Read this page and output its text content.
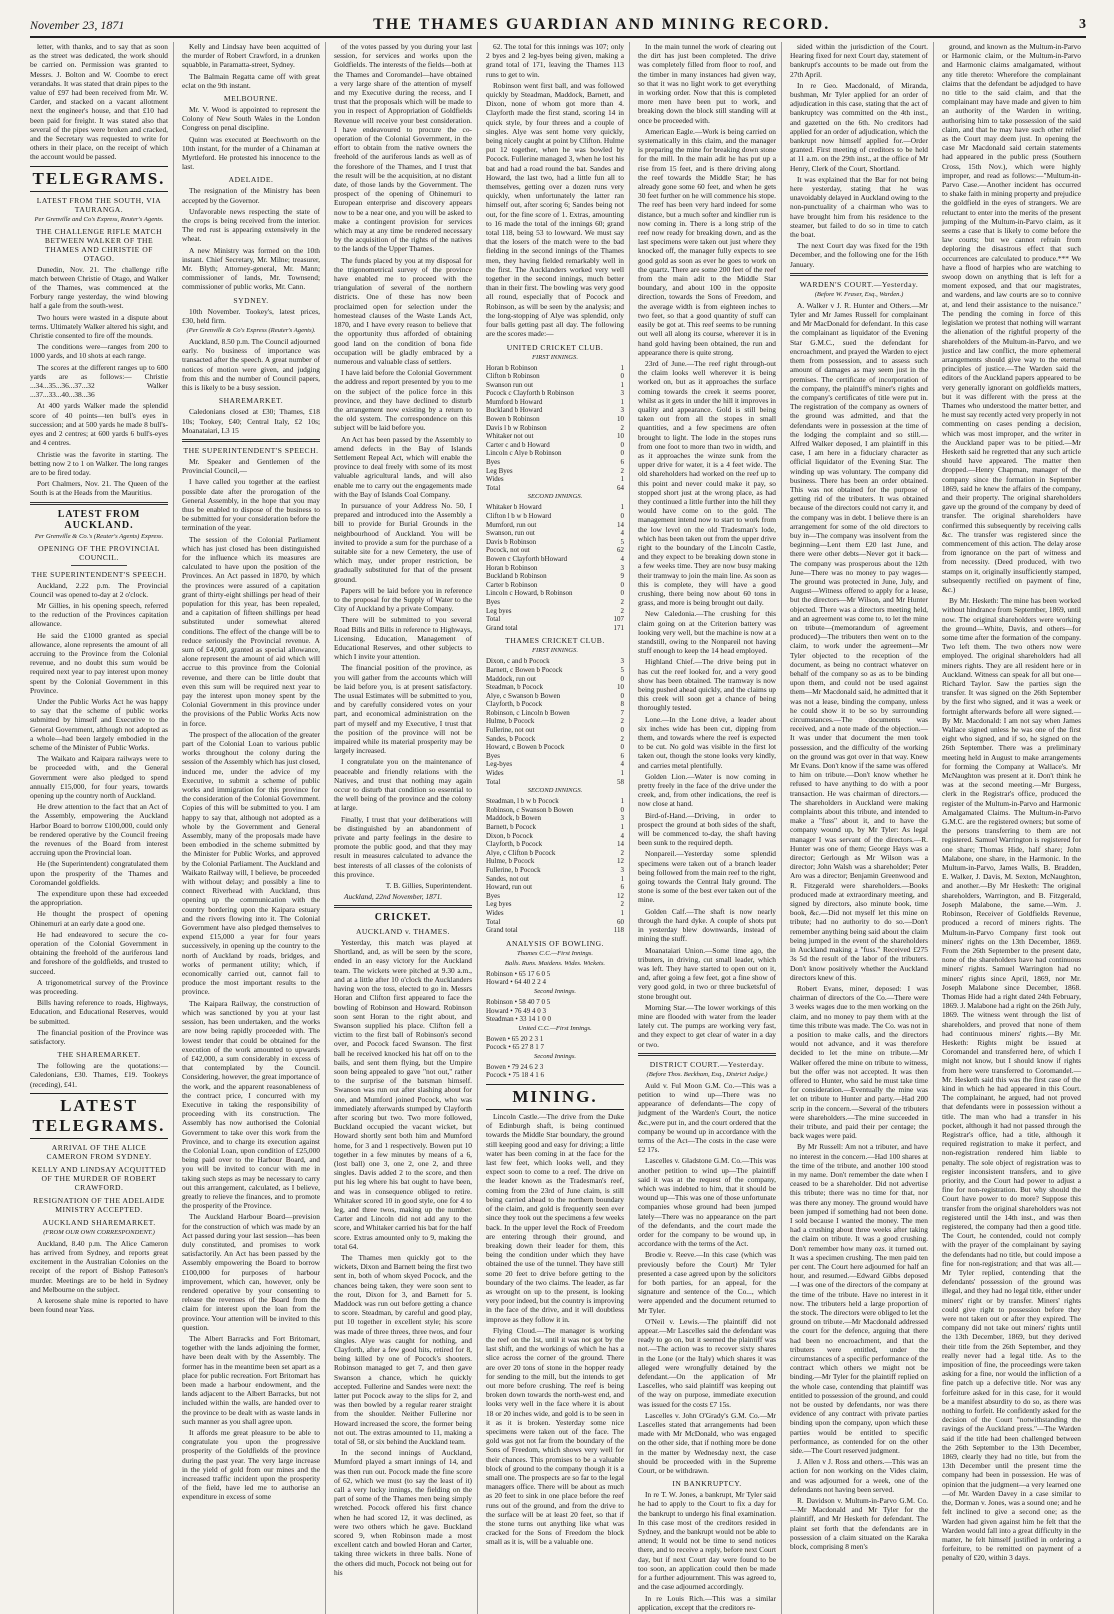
November 23, 1871	THE THAMES GUARDIAN AND MINING RECORD.	3

letter, with thanks, and to say that as soon as the street was dedicated, the work should be carried on. Permission was granted to Messrs. J. Bolton and W. Coombe to erect verandahs. It was stated that drain pipes to the value of £97 had been received from Mr. W. Carder, and stacked on a vacant allotment next the engineer's house, and that £10 had been paid for freight. It was stated also that several of the pipes were broken and cracked, and the Secretary was requested to write for others in their place, on the receipt of which the account would be passed.

TELEGRAMS.
LATEST FROM THE SOUTH, VIA TAURANGA.
Per Grenville and Co's Express, Reuter's Agents.
THE CHALLENGE RIFLE MATCH BETWEEN WALKER OF THE THAMES AND CHRISTIE OF OTAGO.

Dunedin, Nov. 21. The challenge rifle match between Christie of Otago, and Walker of the Thames, was commenced at the Forbury range yesterday, the wind blowing half a gale from the south-west.

Two hours were wasted in a dispute about terms. Ultimately Walker altered his sight, and Christie consented to fire off the mounds.

The conditions were—ranges from 200 to 1000 yards, and 10 shots at each range.

The scores at the different ranges up to 600 yards are as follows:— Christie ...34...35...36...37...32 Walker ...37...33...40...38...36

At 400 yards Walker made the splendid score of 40 points—ten bull's eyes in succession; and at 500 yards he made 8 bull's-eyes and 2 centres; at 600 yards 6 bull's-eyes and 4 centres.

Christie was the favorite in starting. The betting now 2 to 1 on Walker. The long ranges are to be fired today.

Port Chalmers, Nov. 21. The Queen of the South is at the Heads from the Mauritius.

LATEST FROM AUCKLAND.
Per Grenville & Co.'s (Reuter's Agents) Express.
OPENING OF THE PROVINCIAL COUNCIL.
THE SUPERINTENDENT'S SPEECH.

Auckland, 2.22 p.m. The Provincial Council was opened to-day at 2 o'clock.

Mr Gillies, in his opening speech, referred to the reduction of the Provinces capitation allowance.

He said the £1000 granted as special allowance, alone represents the amount of all accruing to the Province from the Colonial revenue, and no doubt this sum would be required next year to pay interest upon money spent by the Colonial Government in this Province.

Under the Public Works Act he was happy to say that the scheme of public works submitted by himself and Executive to the General Government, although not adopted as a whole—had been largely embodied in the scheme of the Minister of Public Works.

The Waikato and Kaipara railways were to be proceeded with, and the General Government were also pledged to spend annually £15,000, for four years, towards opening up the country north of Auckland.

He drew attention to the fact that an Act of the Assembly, empowering the Auckland Harbor Board to borrow £100,000, could only be rendered operative by the Council freeing the revenues of the Board from interest accruing upon the Provincial loan.

He (the Superintendent) congratulated them upon the prosperity of the Thames and Coromandel goldfields.

The expenditure upon these had exceeded the appropriation.

He thought the prospect of opening Ohinemuri at an early date a good one.

He had endeavored to secure the co-operation of the Colonial Government in obtaining the freehold of the auriferous land and foreshore of the goldfields, and trusted to succeed.

A trigonometrical survey of the Province was proceeding.

Bills having reference to roads, Highways, Education, and Educational Reserves, would be submitted.

The financial position of the Province was satisfactory.

THE SHAREMARKET.

The following are the quotations:— Caledonians, £30. Thames, £19. Tookeys (receding), £41.

LATEST TELEGRAMS.
ARRIVAL OF THE ALICE CAMERON FROM SYDNEY.
KELLY AND LINDSAY ACQUITTED OF THE MURDER OF ROBERT CRAWFORD.
RESIGNATION OF THE ADELAIDE MINISTRY ACCEPTED.
AUCKLAND SHAREMARKET.
(FROM OUR OWN CORRESPONDENT.)

Auckland, 8.40 p.m. The Alice Cameron has arrived from Sydney, and reports great excitement in the Australian Colonies on the receipt of the report of Bishop Patteson's murder. Meetings are to be held in Sydney and Melbourne on the subject.

A kerosene shale mine is reported to have been found near Yass.

Kelly and Lindsay have been acquitted of the murder of Robert Crawford, in a drunken squabble, in Paramatta-street, Sydney.

The Balmain Regatta came off with great eclat on the 9th instant.

MELBOURNE.

Mr. V. Wood is appointed to represent the Colony of New South Wales in the London Congress on penal discipline.

Quinn was executed at Beechworth on the 10th instant, for the murder of a Chinaman at Myrtleford. He protested his innocence to the last.

ADELAIDE.

The resignation of the Ministry has been accepted by the Governor.

Unfavorable news respecting the state of the crops is being received from the interior. The red rust is appearing extensively in the wheat.

A new Ministry was formed on the 10th instant. Chief Secretary, Mr. Milne; treasurer, Mr. Blyth; Attorney-general, Mr. Mann; commissioner of lands, Mr. Townsend; commissioner of public works, Mr. Cann.

SYDNEY.

10th November. Tookey's, latest prices, £30, held firm.

(Per Grenville & Co's Express (Reuter's Agents).

Auckland, 8.50 p.m. The Council adjourned early. No business of importance was transacted after the speech. A great number of notices of motion were given, and judging from this and the number of Council papers, this is likely to be a busy session.

SHAREMARKET.

Caledonians closed at £30; Thames, £18 10s; Tookey, £40; Central Italy, £2 10s; Moanataiari, L3 15

THE SUPERINTENDENT'S SPEECH.

Mr. Speaker and Gentlemen of the Provincial Council,—

I have called you together at the earliest possible date after the prorogation of the General Assembly, in the hope that you may thus be enabled to dispose of the business to be submitted for your consideration before the termination of the year.

The session of the Colonial Parliament which has just closed has been distinguished for the influence which its measures are calculated to have upon the position of the Provinces. An Act passed in 1870, by which the provinces were assured of a capitation grant of thirty-eight shillings per head of their population for this year, has been repealed, and a capitation of fifteen shillings per head substituted under somewhat altered conditions. The effect of the change will be to reduce seriously the Provincial revenue. A sum of £4,000, granted as special allowance, alone represent the amount of aid which will accrue to this province from the Colonial revenue, and there can be little doubt that even this sum will be required next year to pay the interest upon money spent by the Colonial Government in this province under the provisions of the Public Works Acts now in force.

The prospect of the allocation of the greater part of the Colonial Loan to various public works throughout the colony during the session of the Assembly which has just closed, induced me, under the advice of my Executive, to submit a scheme of public works and immigration for this province for the consideration of the Colonial Government. Copies of this will be submitted to you. I am happy to say that, although not adopted as a whole by the Government and General Assembly, many of the proposals made have been embodied in the scheme submitted by the Minister for Public Works, and approved by the Colonial Parliament. The Auckland and Waikato Railway will, I believe, be proceeded with without delay; and possibly a line to connect Riverhead with Auckland, thus opening up the communication with the country bordering upon the Kaipara estuary and the rivers flowing into it. The Colonial Government have also pledged themselves to expend £15,000 a year for four years successively, in opening up the country to the north of Auckland by roads, bridges, and works of permanent utility; which, if economically carried out, cannot fail to produce the most important results to the province.

The Kaipara Railway, the construction of which was sanctioned by you at your last session, has been undertaken, and the works are now being rapidly proceeded with. The lowest tender that could be obtained for the execution of the work amounted to upwards of £42,000, a sum considerably in excess of that contemplated by the Council. Considering, however, the great importance of the work, and the apparent reasonableness of the contract price, I concurred with my Executive in taking the responsibility of proceeding with its construction. The Assembly has now authorised the Colonial Government to take over this work from the Province, and to charge its execution against the Colonial Loan, upon condition of £25,000 being paid over to the Harbour Board, and you will be invited to concur with me in taking such steps as may be necessary to carry out this arrangement, calculated, as I believe, greatly to relieve the finances, and to promote the prosperity of the Province.

The Auckland Harbour Board—prevision for the construction of which was made by an Act passed during your last session—has been duly constituted, and promises to work satisfactorily. An Act has been passed by the Assembly empowering the Board to borrow £100,000 for purposes of harbour improvement, which can, however, only be rendered operative by your consenting to release the revenues of the Board from the claim for interest upon the loan from the province. Your attention will be invited to this question.

The Albert Barracks and Fort Britomart, together with the lands adjoining the former, have been dealt with by the Assembly. The former has in the meantime been set apart as a place for public recreation. Fort Britomart has been made a harbour endowment, and the lands adjacent to the Albert Barracks, but not included within the walls, are handed over to the province to be dealt with as waste lands in such manner as you shall agree upon.

It affords me great pleasure to be able to congratulate you upon the progressive prosperity of the Goldfields of the province during the past year. The very large increase in the yield of gold from our mines and the increased traffic incident upon the prosperity of the field, have led me to authorise an expenditure in excess of some

of the votes passed by you during your last session, for services and works upon the Goldfields. The interests of the fields—both at the Thames and Coromandel—have obtained a very large share of the attention of myself and my Executive during the recess, and I trust that the proposals which will be made to you in respect of Appropriation of Goldfields Revenue will receive your best consideration. I have endeavoured to procure the co-operation of the Colonial Government, in the effort to obtain from the native owners the freehold of the auriferous lands as well as of the foreshore of the Thames, and I trust that the result will be the acquisition, at no distant date, of those lands by the Government. The prospect of the opening of Ohinemuri to European enterprise and discovery appears now to be a near one, and you will be asked to make a contingent provision for services which may at any time be rendered necessary by the acquisition of the rights of the natives to the lands of the Upper Thames.

The funds placed by you at my disposal for the trigonometrical survey of the province have enabled me to proceed with the triangulation of several of the northern districts. One of these has now been proclaimed open for selection under the homestead clauses of the Waste Lands Act, 1870, and I have every reason to believe that the opportunity thus afforded of obtaining good land on the condition of bona fide occupation will be gladly embraced by a numerous and valuable class of settlers.

I have laid before the Colonial Government the address and report presented by you to me on the subject of the police force in this province, and they have declined to disturb the arrangement now existing by a return to the old system. The correspondence on this subject will be laid before you.

An Act has been passed by the Assembly to amend defects in the Bay of Islands Settlement Repeal Act, which will enable the province to deal freely with some of its most valuable agricultural lands, and will also enable me to carry out the engagements made with the Bay of Islands Coal Company.

In pursuance of your Address No. 50, I prepared and introduced into the Assembly a bill to provide for Burial Grounds in the neighbourhood of Auckland. You will be invited to provide a sum for the purchase of a suitable site for a new Cemetery, the use of which may, under proper restriction, be gradually substituted for that of the present ground.

Papers will be laid before you in reference to the proposal for the Supply of Water to the City of Auckland by a private Company.

There will be submitted to you several Road Bills and Bills in reference to Highways, Licensing, Education, Management of Educational Reserves, and other subjects to which I invite your attention.

The financial position of the province, as you will gather from the accounts which will be laid before you, is at present satisfactory. The usual Estimates will be submitted to you, and by carefully considered votes on your part, and economical administration on the part of myself and my Executive, I trust that the position of the province will not be impaired while its material prosperity may be largely increased.

I congratulate you on the maintenance of peaceable and friendly relations with the Natives, and trust that nothing may again occur to disturb that condition so essential to the well being of the province and the colony at large.

Finally, I trust that your deliberations will be distinguished by an abandonment of private and party feelings in the desire to promote the public good, and that they may result in measures calculated to advance the best interests of all classes of the colonists of this province.

T. B. Gillies, Superintendent.
Auckland, 22nd November, 1871.
CRICKET.
AUCKLAND v. THAMES.

Yesterday, this match was played at Shortland, and, as will be seen by the score, ended in an easy victory for the Auckland team. The wickets were pitched at 9.30 a.m., and at a little after 10 o'clock the Aucklanders having won the toss, elected to go in. Messrs Horan and Clifton first appeared to face the bowling of Robinson and Howard. Robinson soon sent Horan to the right about, and Swanson supplied his place. Clifton fell a victim to the first ball of Robinson's second over, and Pocock faced Swanson. The first ball he received knocked his hat off on to the bails, and sent them flying, but the Umpire soon being appealed to gave "not out," rather to the surprise of the batsman himself. Swanson was run out after slashing about for one, and Mumford joined Pocock, who was immediately afterwards stumped by Clayforth after scoring but two. Two more followed, Buckland occupied the vacant wicket, but Howard shortly sent both him and Mumford home, for 3 and 1 respectively. Bowen put 10 together in a few minutes by means of a 6, (lost ball) one 3, one 2, one 2, and three singles. Davis added 2 to the score, and then put his leg where his bat ought to have been, and was in consequence obliged to retire. Whitaker scored 10 in good style, one for 4 to leg, and three twos, making up the number. Carter and Lincoln did not add any to the score, and Whitaker carried his bat for the half score. Extras amounted only to 9, making the total 64.

The Thames men quickly got to the wickets, Dixon and Barnett being the first two sent in, both of whom skyed Pocock, and the chances being taken, they were soon sent to the rout, Dixon for 3, and Barnett for 5. Maddock was run out before getting a chance to score. Steadman, by careful and good play, put 10 together in excellent style; his score was made of three threes, three twos, and four singles. Alye was caught for nothing, and Clayforth, after a few good hits, retired for 8, being killed by one of Pocock's shooters. Robinson managed to get 7, and then gave Swanson a chance, which he quickly accepted. Fullerine and Sandes were next: the latter put Pocock away to the slips for 2, and was then bowled by a regular rearer straight from the shoulder. Neither Fullerine nor Howard increased the score, the former being not out. The extras amounted to 11, making a total of 58, or six behind the Auckland team.

In the second innings of Auckland, Mumford played a smart innings of 14, and was then run out. Pocock made the fine score of 62, which we must (to say the least of it) call a very lucky innings, the fielding on the part of some of the Thames men being simply wretched. Pocock offered his first chance when he had scored 12, it was declined, as were two others which he gave. Buckland scored 9, when Robinson made a most excellent catch and bowled Horan and Carter, taking three wickets in three balls. None of the others did much, Pocock not being out for his

62. The total for this innings was 107; only 2 byes and 2 leg-byes being given, making a grand total of 171, leaving the Thames 113 runs to get to win.

Robinson went first ball, and was followed quickly by Steadman, Maddock, Barnett, and Dixon, none of whom got more than 4. Clayforth made the first stand, scoring 14 in quick style, by four threes and a couple of singles. Alye was sent home very quickly, being nicely caught at point by Clifton. Hulme put 12 together, when he was bowled by Pocock. Fullerine managed 3, when he lost his bat and had a road round the bat. Sandes and Howard, the last two, had a little fun all to themselves, getting over a dozen runs very quickly, when unfortunately the latter ran himself out, after scoring 6; Sandes being not out, for the fine score of 1. Extras, amounting to 16 made the total of the innings 60; grand total 118, being 53 to lowward. We must say that the losers of the match were to the bad fielding in the second innings of the Thames men, they having fielded remarkably well in the first. The Aucklanders worked very well together in the second innings, much better than in their first. The bowling was very good all round, especially that of Pocock and Robinson, as will be seen by the analysis; and the long-stopping of Alye was splendid, only four balls getting past all day. The following are the scores made:—

UNITED CRICKET CLUB.
FIRST INNINGS.
Horan b Robinson	1
Clifton b Robinson	0
Swanson run out	1
Pocock c Clayforth b Robinson	3
Mumford b Howard	1
Buckland b Howard	3
Bowen b Robinson	10
Davis l b w Robinson	2
Whitaker not out	10
Carter c and b Howard	0
Lincoln c Alye b Robinson	0
Byes	6
Leg Byes	2
Wides	1
Total	64
SECOND INNINGS.
Whitaker b Howard	1
Clifton l b w b Howard	0
Mumford, run out	14
Swanson, run out	4
Davis b Robinson	5
Pocock, not out	62
Bowen c Clayforth bHoward	4
Horan b Robinson	3
Buckland b Robinson	9
Carter b Robinson	0
Lincoln c Howard, b Robinson	0
Byes	2
Leg byes	2
Total	107
Grand total	171
THAMES CRICKET CLUB.
FIRST INNINGS.
Dixon, c and b Pocock	3
Barnett, c Bowen b Pocock	5
Maddock, run out	0
Steadman, b Pocock	10
Alye, c Swanson b Bowen	0
Clayforth, b Pocock	8
Robinson, c Lincoln b Bowen	7
Hulme, b Pocock	2
Fullerine, not out	0
Sandes, b Pocock	2
Howard, c Bowen b Pocock	0
Byes	6
Leg-byes	4
Wides	1
Total	58
SECOND INNINGS.
Steadman, l b w b Pocock	1
Robinson, c Swanson b Bowen	0
Maddock, b Bowen	3
Barnett, b Pocock	1
Dixon, b Pocock	4
Clayforth, b Pocock	14
Alye, c Clifton b Pocock	2
Hulme, b Pocock	12
Fullerine, b Pocock	3
Sandes, not out	1
Howard, run out	6
Byes	12
Leg byes	2
Wides	1
Total	60
Grand total	118
ANALYSIS OF BOWLING.
Thames C.C.—First Innings.
Balls. Runs. Maidens. Wides. Wickets.
Robinson • 65 17 6 0 5
Howard • 64 40 2 2 4
Second Innings.
Robinson • 58 40 7 0 5
Howard • 76 49 4 0 3
Steadman • 33 14 1 0 0
United C.C.—First Innings.
Bowen • 65 20 2 3 1
Pocock • 65 27 8 1 7
Second Innings.
Bowen • 79 24 6 2 3
Pocock • 75 18 4 1 6
MINING.

Lincoln Castle.—The drive from the Duke of Edinburgh shaft, is being continued towards the Middle Star boundary, the ground still keeping good and easy for driving; a little water has been coming in at the face for the last few feet, which looks well, and they expect soon to come to a reef. The drive on the leader known as the Tradesman's reef, coming from the 23rd of June claim, is still being carried ahead to the northern boundary of the claim, and gold is frequently seen ever since they took out the specimens a few weeks back. In the upper level the Rock of Freedom are entering through their ground, and breaking down their leader for them, this being the condition under which they have obtained the use of the tunnel. They have still some 20 feet to drive before getting to the boundary of the two claims. The leader, as far as wrought on up to the present, is looking very poor indeed, but the country is improving in the face of the drive, and it will doubtless improve as they follow it in.

Flying Cloud.—The manager is working the reef on the 1st, until it was not got by the last shift, and the workings of which he has a slice across the corner of the ground. There are over 20 tons of stone in the hopper ready for sending to the mill, but the intends to get out more before crushing. The reef is being broken down towards the north-west end, and looks very well in the face where it is about 18 or 20 inches wide, and gold is to be seen in it as it is broken. Yesterday some nice specimens were taken out of the face. The gold was got not far from the boundary of the Sons of Freedom, which shows very well for their chances. This promises to be a valuable block of ground to the company though it is a small one. The prospects are so far to the legal managers office. There will be about as much as 20 feet to sink in one place before the reef runs out of the ground, and from the drive to the surface will be at least 20 feet, so that if the stone turns out anything like what was cracked for the Sons of Freedom the block small as it is, will be a valuable one.

In the main tunnel the work of clearing out the dirt has just been completed. The drive was completely filled from floor to roof, and the timber in many instances had given way, so that it was no light work to get everything in working order. Now that this is completed more men have been put to work, and breaking down the block still standing will at once be proceeded with.

American Eagle.—Work is being carried on systematically in this claim, and the manager is preparing the mine for breaking down stone for the mill. In the main adit he has put up a rise from 15 feet, and is there driving along the reef towards the Middle Star; he has already gone some 60 feet, and when he gets 30 feet further on he will commence his stope. The reef has been very hard indeed for some distance, but a much softer and kindlier run is now coming in. There is a long strip of the reef now ready for breaking down, and as the last specimens were taken out just where they knocked off, the manager fully expects to see good gold as soon as ever he goes to work on the quartz. There are some 200 feet of the reef from the main adit to the Middle Star boundary, and about 100 in the opposite direction, towards the Sons of Freedom, and the average width is from eighteen inches to two feet, so that a good quantity of stuff can easily be got at. This reef seems to be running out well all along its course, wherever it is in hand gold having been obtained, the run and appearance there is quite strong.

23rd of June.—The reef right through-out the claim looks well wherever it is being worked on, but as it approaches the surface coming towards the creek it seems poorer, whilst as it gets in under the hill it improves in quality and appearance. Gold is still being taken out from all the stopes in small quantities, and a few specimens are often brought to light. The lode in the stopes runs from one foot to more than two in width, and as it approaches the winze sunk from the upper drive for water, it is a 4 feet wide. The old shareholders had worked on the reef up to this point and never could make it pay, so stopped short just at the wrong place, as had they continued a little further into the hill they would have come on to the gold. The management intend now to start to work from the low level on the old Tradesman's lode, which has been taken out from the upper drive right to the boundary of the Lincoln Castle, and they expect to be breaking down stone in a few weeks time. They are now busy making their tramway to join the main line. As soon as this is complete, they will have a good crushing, there being now about 60 tons in grass, and more is being brought out daily.

New Caledonia.—The crushing for this claim going on at the Criterion battery was looking very well, but the machine is now at a standstill, owing to the Nonpareil not having stuff enough to keep the 14 head employed.

Highland Chief.—The drive being put in has cut the reef looked for, and a very good show has been obtained. The tramway is now being pushed ahead quickly, and the claims up this creek will soon get a chance of being thoroughly tested.

Lone.—In the Lone drive, a leader about six inches wide has been cut, dipping from them, and towards where the reef is expected to be cut. No gold was visible in the first lot taken out, though the stone looks very kindly, and carries metal plentifully.

Golden Lion.—Water is now coming in pretty freely in the face of the drive under the creek, and, from other indications, the reef is now close at hand.

Bird-of-Hand.—Driving, in order to prospect the ground at both sides of the shaft, will be commenced to-day, the shaft having been sunk to the required depth.

Nonpareil.—Yesterday some splendid specimens were taken out of a branch leader being followed from the main reef to the right, going towards the Central Italy ground. The stone is some of the best ever taken out of the mine.

Golden Calf.—The shaft is now nearly through the hard dyke. A couple of shots put in yesterday blew downwards, instead of mining the stuff.

Moanataiari Union.—Some time ago, the tributers, in driving, cut small leader, which was left. They have started to open out on it, and, after going a few feet, got a fine show of very good gold, in two or three bucketsful of stone brought out.

Morning Star.—The lower workings of this mine are flooded with water from the leader lately cut. The pumps are working very fast, and they expect to get clear of water in a day or two.

DISTRICT COURT.—Yesterday.
(Before Thos. Beckham, Esq., District Judge.)

Auld v. Ful Moon G.M. Co.—This was a petition to wind up—There was no appearance of defendants—The copy of judgment of the Warden's Court, the notice &c.,were put in, and the court ordered that the company be wound up in accordance with the terms of the Act—The costs in the case were £2 17s.

Lascelles v. Gladstone G.M. Co.—This was another petition to wind up—The plaintiff said it was at the request of the company, which was indebted to him, that it should be wound up—This was one of those unfortunate companies whose ground had been jumped lately—There was no appearance on the part of the defendants, and the court made the order for the company to be wound up, in accordance with the terms of the Act.

Brodie v. Reeve.—In this case (which was previously before the Court) Mr Tyler presented a case agreed upon by the solicitors for both parties, for an appeal, for the signature and sentence of the Co..., which were appended and the document returned to Mr Tyler.

O'Neil v. Lewis.—The plaintiff did not appear.—Mr Lascelles said the defendant was ready to go on, but it seemed the plaintiff was not.—The action was to recover sixty shares in the Lone (or the Italy) which shares it was alleged were wrongfully detained by the defendant.—On the application of Mr Lascelles, who said plaintiff was keeping out of the way on purpose, immediate execution was issued for the costs £7 15s.

Lascelles v. John O'Grady's G.M. Co.—Mr Lascelles stated that arrangements had been made with Mr McDonald, who was engaged on the other side, that if nothing more be done in the matter by Wednesday next, the case should be proceeded with in the Supreme Court, or be withdrawn.

IN BANKRUPTCY.

In re T. W. Jones, a bankrupt, Mr Tyler said he had to apply to the Court to fix a day for the bankrupt to undergo his final examination. In this case most of the creditors resided in Sydney, and the bankrupt would not be able to attend; It would not be time to send notices there, and to receive a reply, before next Court day, but if next Court day were found to be too soon, an application could then be made for a further adjournment. This was agreed to, and the case adjourned accordingly.

In re Louis Rich.—This was a similar application, except that the creditors re-

sided within the jurisdiction of the Court. Hearing fixed for next Court day, statement of bankrupt's accounts to be made out from the 27th April.

In re Geo. Macdonald, of Miranda, bushman, Mr Tyler applied for an order of adjudication in this case, stating that the act of bankruptcy was committed on the 4th inst., and gazetted on the 6th. No creditors had applied for an order of adjudication, which the bankrupt now himself applied for.—Order granted. First meeting of creditors to be held at 11 a.m. on the 29th inst., at the office of Mr Henry, Clerk of the Court, Shortland.

It was explained that the Bar for not being here yesterday, stating that he was unavoidably delayed in Auckland owing to the non-punctuality of a chairman who was to have brought him from his residence to the steamer, but failed to do so in time to catch the boat.

The next Court day was fixed for the 19th December, and the following one for the 16th January.

WARDEN'S COURT.—Yesterday.
(Before W. Fraser, Esq., Warden.)

A. Walker v J. R. Hunter and Others.—Mr Tyler and Mr James Russell for complainant and Mr MacDonald for defendant. In this case the complainant as liquidator of the Evening Star G.M.C., sued the defendant for encroachment, and prayed the Warden to eject them from possession, and to assess such amount of damages as may seem just in the premises. The certificate of incorporation of the company, the plaintiff's miner's rights and the company's certificates of title were put in. The registration of the company as owners of the ground was admitted, and that the defendants were in possession at the time of the lodging the complaint and so still.—Alfred Walker deposed, I am plaintiff in this case, I am here in a fiduciary character as official liquidator of the Evening Star. The winding up was voluntary. The company did business. There has been an order obtained. This was not obtained for the purpose of getting rid of the tributers. It was obtained because of the directors could not carry it, and the company was in debt. I believe there is an arrangement for some of the old directors to buy in—The company was insolvent from the beginning—Lent them £20 last June, and there were other debts—Never got it back—The company was prosperous about the 12th June—There was no money to pay wages—The ground was protected in June, July, and August—Witness offered to apply for a lease, but the directors—Mr Wilson, and Mr Hunter objected. There was a directors meeting held, and an agreement was come to, to let the mine on tribute—(memorandum of agreement produced)—The tributers then went on to the claim, to work under the agreement—Mr Tyler objected to the reception of the document, as being no contract whatever on behalf of the company so as as to be binding upon them, and could not be used against them—Mr Macdonald said, he admitted that it was not a lease, binding the company, unless he could show it to be so by surrounding circumstances.—The documents was received, and a note made of the objection.—It was under that document the men took possession, and the difficulty of the working on the ground was got over in that way. Knew Mr Evans. Don't know if the same was offered to him on tribute.—Don't know whether he refused to have anything to do with a poor transaction. He was chairman of directors.—The shareholders in Auckland were making complaints about this tribute, and intended to make a "fuss" about it, and to have the company wound up, by Mr Tyler: As legal manager I was servant of the directors.—R. Hunter was one of them; George Hays was a director; Gerlough as Mr Wilson was a director; John Walsh was a shareholder; Peter Aro was a director; Benjamin Greenwood and R. Fitzgerald were shareholders.—Books produced made at extraordinary meeting, and signed by directors, also minute book, time book, &c.—Did not myself let this mine on tribute; had no authority to do so.—Don't remember anything being said about the claim being jumped in the event of the shareholders in Auckland making a "fuss." Received £275 3s 5d the result of the labor of the tributers. Don't know positively whether the Auckland directors knew of this.

Robert Evans, miner, deposed: I was chairman of directors of the Co.—There were 3 weeks wages due to the men working on the claim, and no money to pay them with at the time this tribute was made. The Co. was not in a position to make calls, and the directors would not advance, and it was therefore decided to let the mine on tribute.—Mr Walker offered the mine on tribute to witness, but the offer was not accepted. It was then offered to Hunter, who said he must take time for consideration.—Eventually the mine was let on tribute to Hunter and party.—Had 200 scrip in the concern.—Several of the tributers were shareholders.—The mine succeeded in their tribute, and paid their per centage; the back wages were paid.

By Mr Russell: Am not a tributer, and have no interest in the concern.—Had 100 shares at the time of the tribute, and another 100 stood in my name. Don't remember the date when I ceased to be a shareholder. Did not advertise this tribute; there was no time for that, nor was there any money. The ground would have been jumped if something had not been done. I sold because I wanted the money. The men had a crushing about three weeks after taking the claim on tribute. It was a good crushing. Don't remember how many ozs. it turned out. It was a specimen crushing. The men paid ten per cent. The Court here adjourned for half an hour, and resumed.—Edward Gibbs deposed—I was one of the directors of the company at the time of the tribute. Have no interest in it now. The tributers held a large proportion of the stock. The directors were obliged to let the ground on tribute.—Mr Macdonald addressed the court for the defence, arguing that there had been no encroachment, and that the tributers were entitled, under the circumstances of a specific performance of the contract which others we might not be binding.—Mr Tyler for the plaintiff replied on the whole case, contending that plaintiff was entitled to possession of the ground, and could not be ousted by defendants, nor was there evidence of any contract with private parties binding upon the company, upon which these parties would be entitled to specific performance, as contended for on the other side.—The Court reserved judgment.

J. Allen v J. Ross and others.—This was an action for non working on the Vides claim, and was adjourned for a week, one of the defendants not having been served.

R. Davidson v. Multum-in-Parvo G.M. Co.—Mr Macdonald and Mr Tyler for the plaintiff, and Mr Hesketh for defendant. The plaint set forth that the defendants are in possession of a claim situated on the Karaka block, comprising 8 men's

ground, and known as the Multum-in-Parvo or Harmonic claim, or the Multum-in-Parvo and Harmonic claims amalgamated, without any title thereto: Wherefore the complainant claims that the defendant be adjudged to have no title to the said claim, and that the complainant may have made and given to him an authority of the Warden in writing, authorising him to take possession of the said claim, and that he may have such other relief as the Court may deem just. In opening the case Mr Macdonald said certain statements had appeared in the public press (Southern Cross, 15th Nov.), which were highly improper, and read as follows:—"Multum-in-Parvo Case.—Another incident has occurred to shake faith in mining property and prejudice the goldfield in the eyes of strangers. We are reluctant to enter into the merits of the present jumping of the Multum-in-Parvo claim, as it seems a case that is likely to come before the law courts; but we cannot refrain from deploring the disastrous effect that such occurrences are calculated to produce.*** We have a flood of harpies who are watching to swoop down on anything that is left for a moment exposed, and that our magistrates, and wardens, and law courts are so to connive at, and lend their assistance to the nuisance." The pending the coming in force of this legislation we protest that nothing will warrant the alienation of the rightful property of the shareholders of the Multum-in-Parvo, and we justice and law conflict, the more ephemeral arrangements should give way to the eternal principles of justice.—The Warden said the editors of the Auckland papers appeared to be very generally ignorant on goldfields matters, but it was different with the press at the Thames who understood the matter better, and he must say recently acted very properly in not commenting on cases pending a decision, which was most improper, and the writer in the Auckland paper was to be pitied.—Mr Hesketh said he regretted that any such article should have appeared. The matter then dropped.—Henry Chapman, manager of the company since the formation in September 1869, said he knew the affairs of the company, and their property. The original shareholders gave up the ground of the company by deed of transfer. The original shareholders have confirmed this subsequently by receiving calls &c. The transfer was registered since the commencement of this action. The delay arose from ignorance on the part of witness and from necessity. (Deed produced, with two stamps on it, originally insufficiently stamped, subsequently rectified on payment of fine, &c.)

By Mr. Hesketh: The mine has been worked without hindrance from September, 1869, until now. The original shareholders were working the ground—White, Davis, and others—for some time after the formation of the company. Two left them. The two others now were employed. The original shareholders had all miners rights. They are all resident here or in Auckland. Witness can speak for all but one—Richard Taylor. Saw the parties sign the transfer. It was signed on the 26th September by the first who signed, and it was a week or fortnight afterwards before all were signed.—By Mr. Macdonald: I am not say when James Wallace signed unless he was one of the first eight who signed, and if so, he signed on the 26th September. There was a preliminary meeting held in August to make arrangements for forming the Company at Wallace's. Mr McNaughton was present at it. Don't think he was at the second meeting.—Mr Burgess, clerk in the Registrar's office, produced the register of the Multum-in-Parvo and Harmonic Amalgamated Claims. The Multum-in-Parvo G.M.C. are the registered owners; but some of the persons transferring to them are not registered. Samuel Warrington is registered for one share; Thomas Hide, half share; John Malabone, one share, in the Harmonic. In the Multum-in-Parvo, James Walls, B. Bradden, E. Walker, J. Davis, M. Sexton, McNaughton, and another.—By Mr Hesketh: The original shareholders, Warrington, and B. Fitzgerald, Joseph Malabone, the same.—Wm. J. Robinson, Receiver of Goldfields Revenue, produced a record of miners rights. The Multum-in-Parvo Company first took out miners' rights on the 13th December, 1869. From the 26th September to the present date, none of the shareholders have had continuous miners' rights. Samuel Warrington had no miners' rights since April, 1869, nor Mr. Joseph Malabone since December, 1868. Thomas Hide had a right dated 24th February, 1869. J. Malabone had a right on the 26th July, 1869. The witness went through the list of shareholders, and proved that none of them had continuous miners' rights.—By Mr. Hesketh: Rights might be issued at Coromandel and transferred here, of which I might not know, but I should know if rights from here were transferred to Coromandel.—Mr. Hesketh said this was the first case of the kind in which he had appeared in this Court. The complainant, he argued, had not proved that defendants were in possession without a title. The man who had a transfer in his pocket, although it had not passed through the Registrar's office, had a title, although it required registration to make it perfect, and non-registration rendered him liable to penalty. The sole object of registration was to register inconsistent transfers, and to give priority, and the Court had power to adjust a fine for non-registration. But why should the Court have power to do more? Suppose this transfer from the original shareholders was not registered until the 14th inst., and was then registered, the company had then a good title. The Court, he contended, could not comply with the prayer of the complainant by saying the defendants had no title, but could impose a fine for non-registration; and that was all.—Mr Tyler replied, contending that the defendants' possession of the ground was illegal, and they had no legal title, either under miners' right or by transfer. Miners' rights could give right to possession before they were not taken out or after they expired. The company did not take out miners' rights until the 13th December, 1869, but they derived their title from the 26th September, and they really never had a legal title. As to the imposition of fine, the proceedings were taken asking for a fine, nor would the infliction of a fine patch up a defective title. Nor was any forfeiture asked for in this case, for it would be a manifest absurdity to do so, as there was nothing to forfeit. He confidently asked for the decision of the Court "notwithstanding the ravings of the Auckland press."—The Warden said if the title had been challenged between the 26th September to the 13th December, 1869, clearly they had no title, but from the 13th December until the present time the company had been in possession. He was of opinion that the judgment—a very learned one—of Mr. Warden Davey in a case similar to the, Dorman v. Jones, was a sound one; and he felt inclined to give a second one; as the Warden had given against him he felt that the Warden would fall into a great difficulty in the matter, he felt himself justified in ordering a forfeiture, to be remitted on payment of a penalty of £20, within 3 days.
